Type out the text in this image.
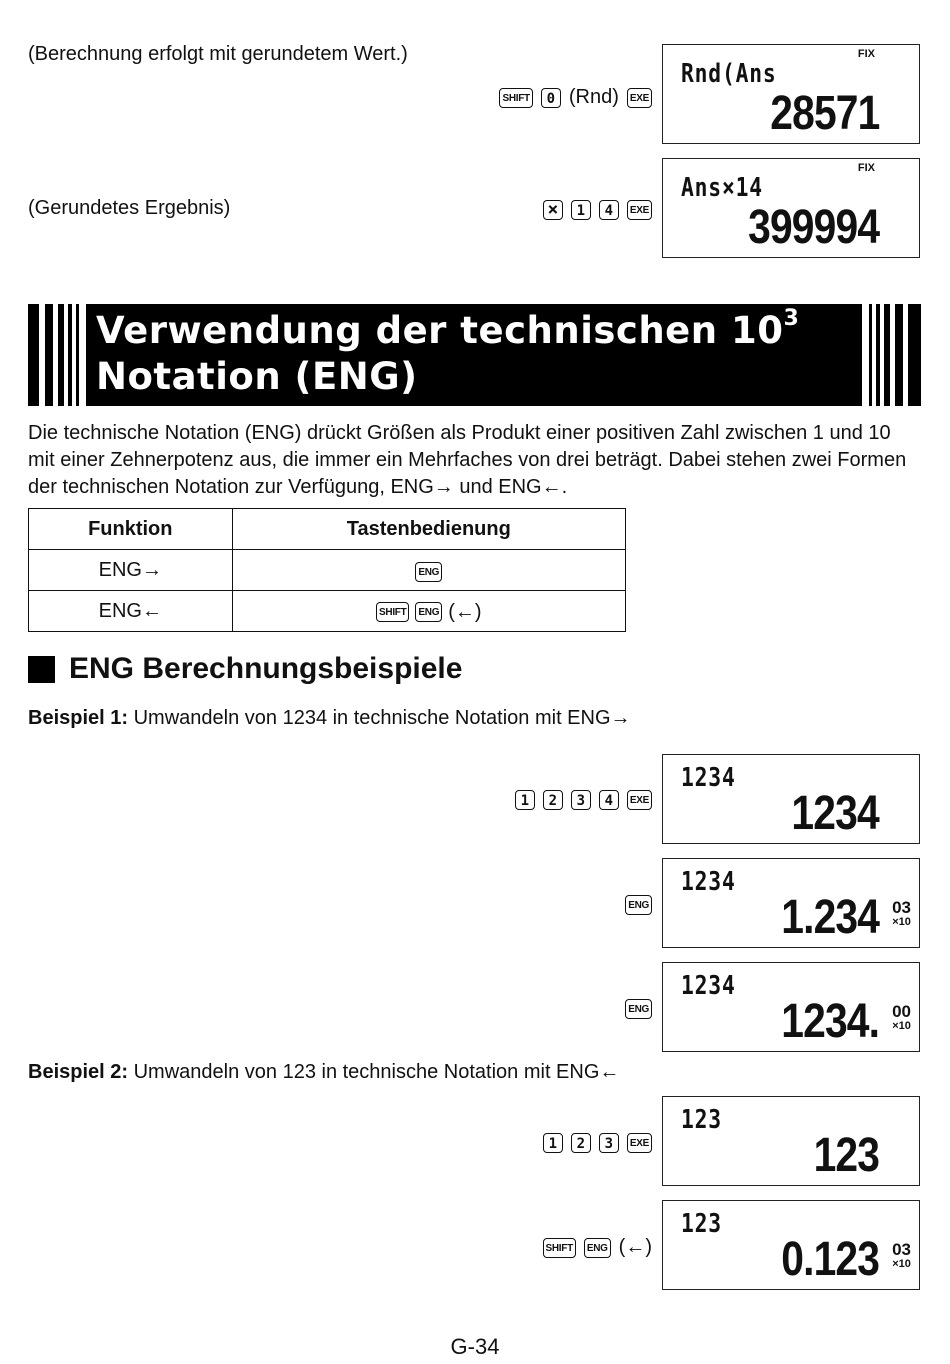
(Berechnung erfolgt mit gerundetem Wert.)
SHIFT	0 (Rnd)	EXE
FIX
Rnd(Ans
28571
(Gerundetes Ergebnis)	×	1	4	EXE
FIX
Ans×14
399994
Verwendung der technischen $10^3$
Notation (ENG)
Die technische Notation (ENG) drückt Größen als Produkt einer positiven Zahl zwischen 1 und 10 mit einer Zehnerpotenz aus, die immer ein Mehrfaches von drei beträgt. Dabei stehen zwei Formen der technischen Notation zur Verfügung, ENG→ und ENG←.
Funktion	Tastenbedienung
ENG→	ENG

ENG←	SHIFT ENG (←)
ENG Berechnungsbeispiele
Beispiel 1: Umwandeln von 1234 in technische Notation mit ENG→
1	2	3	4	EXE
1234
1234
ENG
1234
1.234 03
×10
ENG
1234
1234. 00
×10
Beispiel 2: Umwandeln von 123 in technische Notation mit ENG←
1	2	3	EXE
123
123
SHIFT	ENG (←)
123
0.123 03
×10
G-34
